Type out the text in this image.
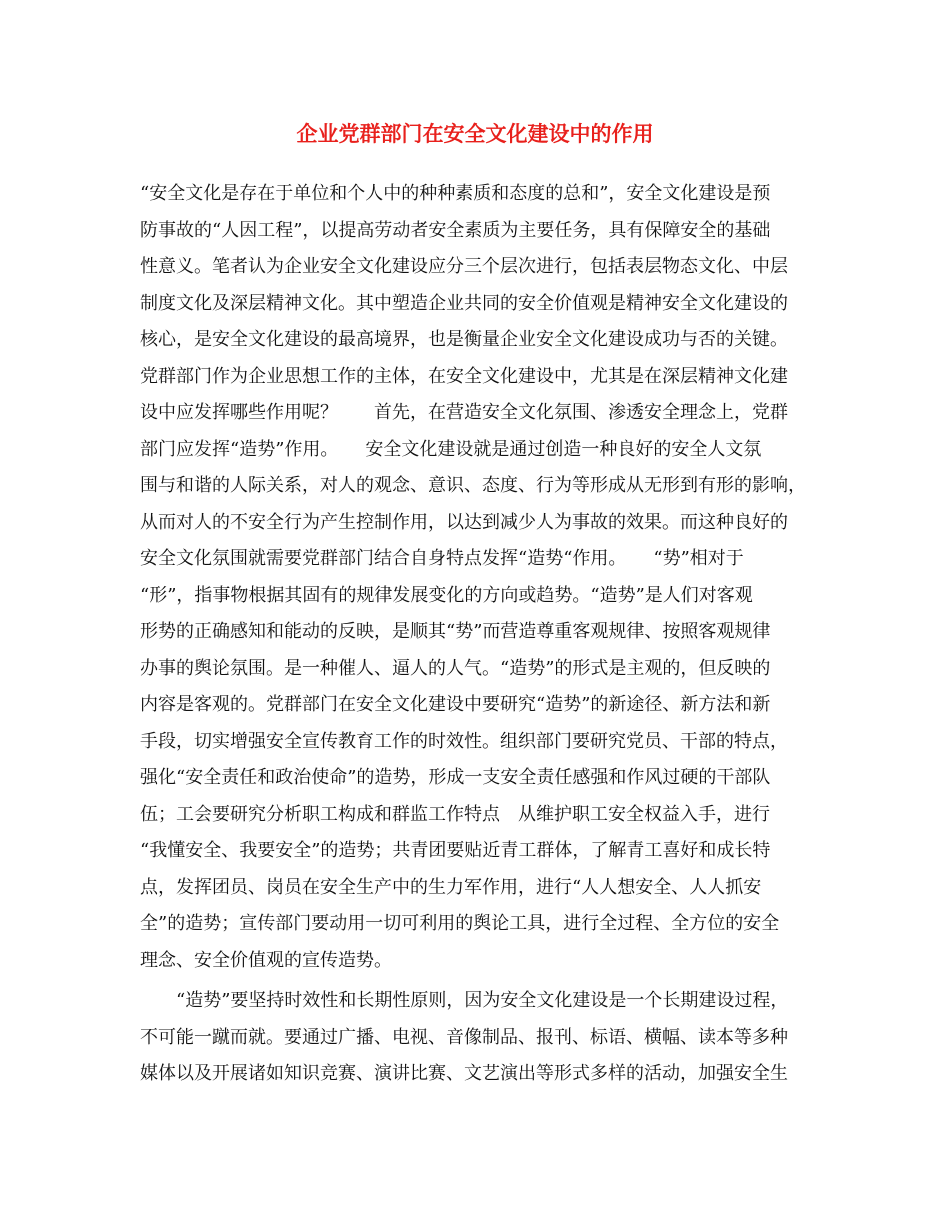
企业党群部门在安全文化建设中的作用
“安全文化是存在于单位和个人中的种种素质和态度的总和”，安全文化建设是预
防事故的“人因工程”，以提高劳动者安全素质为主要任务，具有保障安全的基础
性意义。笔者认为企业安全文化建设应分三个层次进行，包括表层物态文化、中层
制度文化及深层精神文化。其中塑造企业共同的安全价值观是精神安全文化建设的
核心，是安全文化建设的最高境界，也是衡量企业安全文化建设成功与否的关键。
党群部门作为企业思想工作的主体，在安全文化建设中，尤其是在深层精神文化建
设中应发挥哪些作用呢？　　首先，在营造安全文化氛围、渗透安全理念上，党群
部门应发挥“造势”作用。　　安全文化建设就是通过创造一种良好的安全人文氛
围与和谐的人际关系，对人的观念、意识、态度、行为等形成从无形到有形的影响，
从而对人的不安全行为产生控制作用，以达到减少人为事故的效果。而这种良好的
安全文化氛围就需要党群部门结合自身特点发挥“造势“作用。　　“势”相对于
“形”，指事物根据其固有的规律发展变化的方向或趋势。“造势”是人们对客观
形势的正确感知和能动的反映，是顺其“势”而营造尊重客观规律、按照客观规律
办事的舆论氛围。是一种催人、逼人的人气。“造势”的形式是主观的，但反映的
内容是客观的。党群部门在安全文化建设中要研究“造势”的新途径、新方法和新
手段，切实增强安全宣传教育工作的时效性。组织部门要研究党员、干部的特点，
强化“安全责任和政治使命”的造势，形成一支安全责任感强和作风过硬的干部队
伍；工会要研究分析职工构成和群监工作特点　从维护职工安全权益入手，进行
“我懂安全、我要安全”的造势；共青团要贴近青工群体，了解青工喜好和成长特
点，发挥团员、岗员在安全生产中的生力军作用，进行“人人想安全、人人抓安
全”的造势；宣传部门要动用一切可利用的舆论工具，进行全过程、全方位的安全
理念、安全价值观的宣传造势。
　　“造势”要坚持时效性和长期性原则，因为安全文化建设是一个长期建设过程，
不可能一蹴而就。要通过广播、电视、音像制品、报刊、标语、横幅、读本等多种
媒体以及开展诸如知识竞赛、演讲比赛、文艺演出等形式多样的活动，加强安全生
